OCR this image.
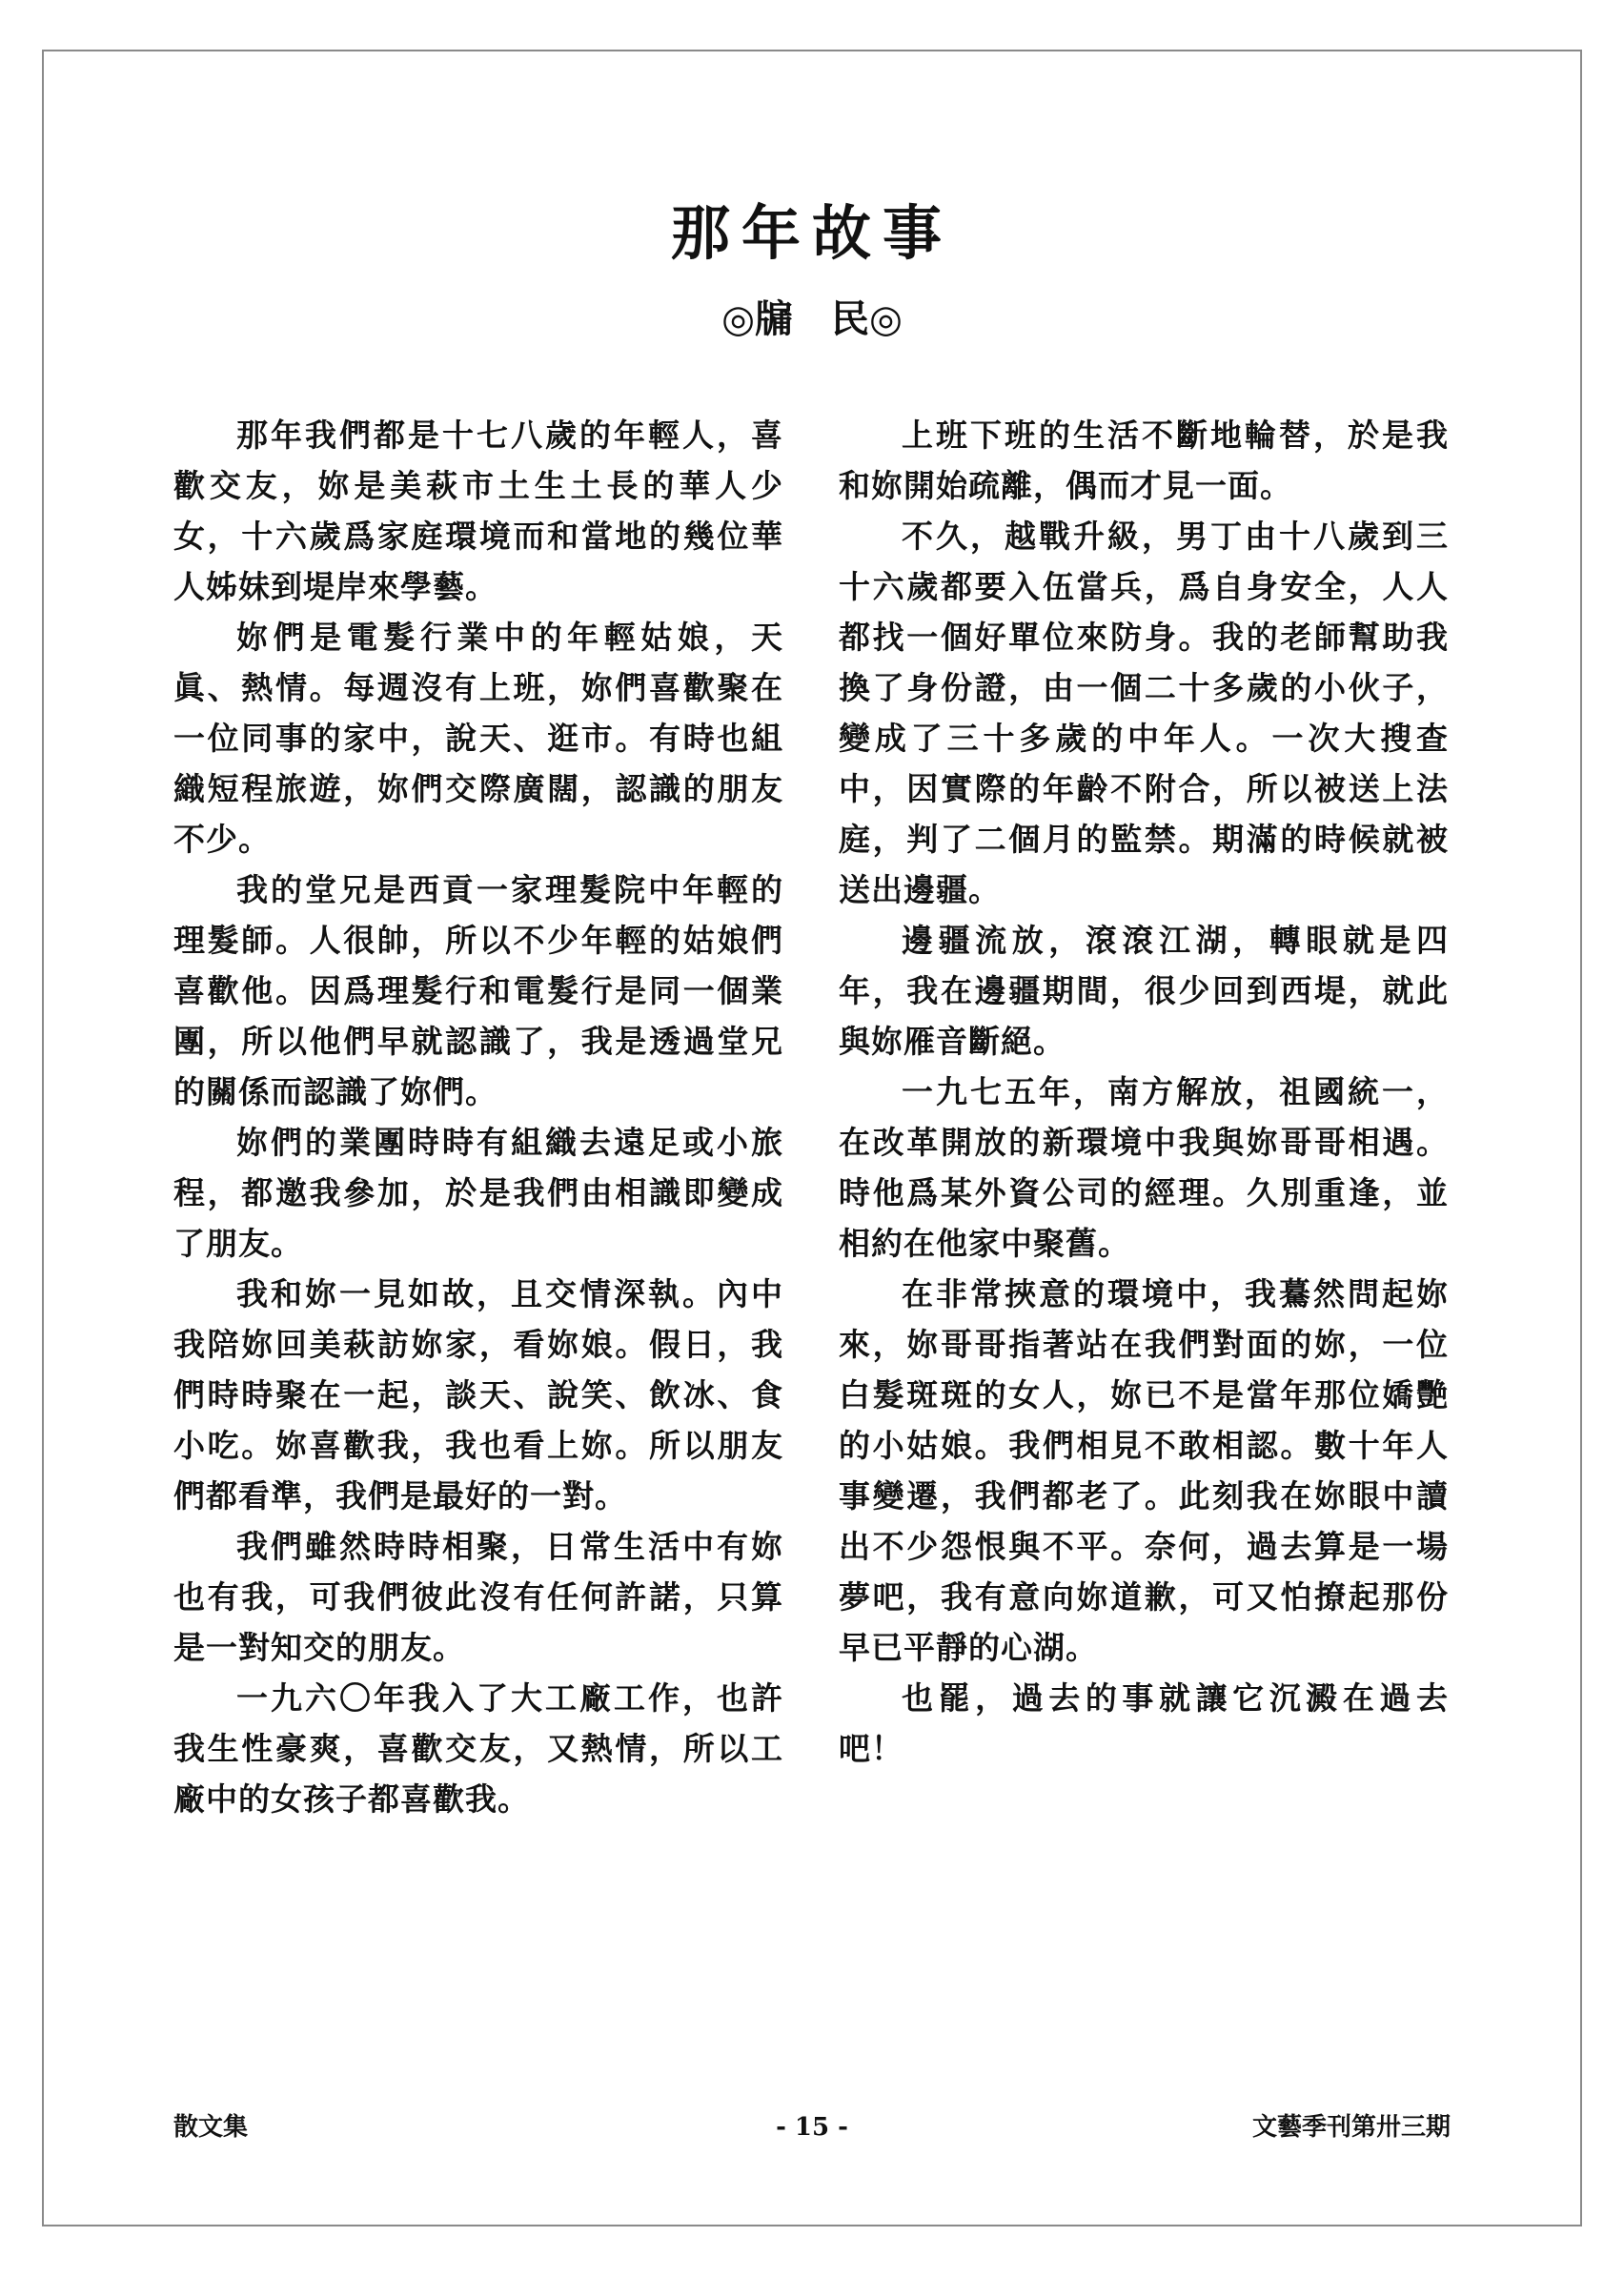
那年故事
◎牖　民◎

那年我們都是十七八歲的年輕人，喜歡交友，妳是美萩市土生土長的華人少女，十六歲爲家庭環境而和當地的幾位華人姊妹到堤岸來學藝。

妳們是電髮行業中的年輕姑娘，天眞、熱情。每週沒有上班，妳們喜歡聚在一位同事的家中，說天、逛市。有時也組織短程旅遊，妳們交際廣闊，認識的朋友不少。

我的堂兄是西貢一家理髮院中年輕的理髮師。人很帥，所以不少年輕的姑娘們喜歡他。因爲理髮行和電髮行是同一個業團，所以他們早就認識了，我是透過堂兄的關係而認識了妳們。

妳們的業團時時有組織去遠足或小旅程，都邀我參加，於是我們由相識即變成了朋友。

我和妳一見如故，且交情深執。內中我陪妳回美萩訪妳家，看妳娘。假日，我們時時聚在一起，談天、說笑、飲冰、食小吃。妳喜歡我，我也看上妳。所以朋友們都看準，我們是最好的一對。

我們雖然時時相聚，日常生活中有妳也有我，可我們彼此沒有任何許諾，只算是一對知交的朋友。

一九六〇年我入了大工廠工作，也許我生性豪爽，喜歡交友，又熱情，所以工廠中的女孩子都喜歡我。

上班下班的生活不斷地輪替，於是我和妳開始疏離，偶而才見一面。

不久，越戰升級，男丁由十八歲到三十六歲都要入伍當兵，爲自身安全，人人都找一個好單位來防身。我的老師幫助我換了身份證，由一個二十多歲的小伙子，變成了三十多歲的中年人。一次大搜查中，因實際的年齡不附合，所以被送上法庭，判了二個月的監禁。期滿的時候就被送出邊疆。

邊疆流放，滾滾江湖，轉眼就是四年，我在邊疆期間，很少回到西堤，就此與妳雁音斷絕。

一九七五年，南方解放，祖國統一，在改革開放的新環境中我與妳哥哥相遇。時他爲某外資公司的經理。久別重逢，並相約在他家中聚舊。

在非常挾意的環境中，我驀然問起妳來，妳哥哥指著站在我們對面的妳，一位白髮斑斑的女人，妳已不是當年那位嬌艷的小姑娘。我們相見不敢相認。數十年人事變遷，我們都老了。此刻我在妳眼中讀出不少怨恨與不平。奈何，過去算是一場夢吧，我有意向妳道歉，可又怕撩起那份早已平靜的心湖。

也罷，過去的事就讓它沉澱在過去吧！

散文集	- 15 -	文藝季刊第卅三期
